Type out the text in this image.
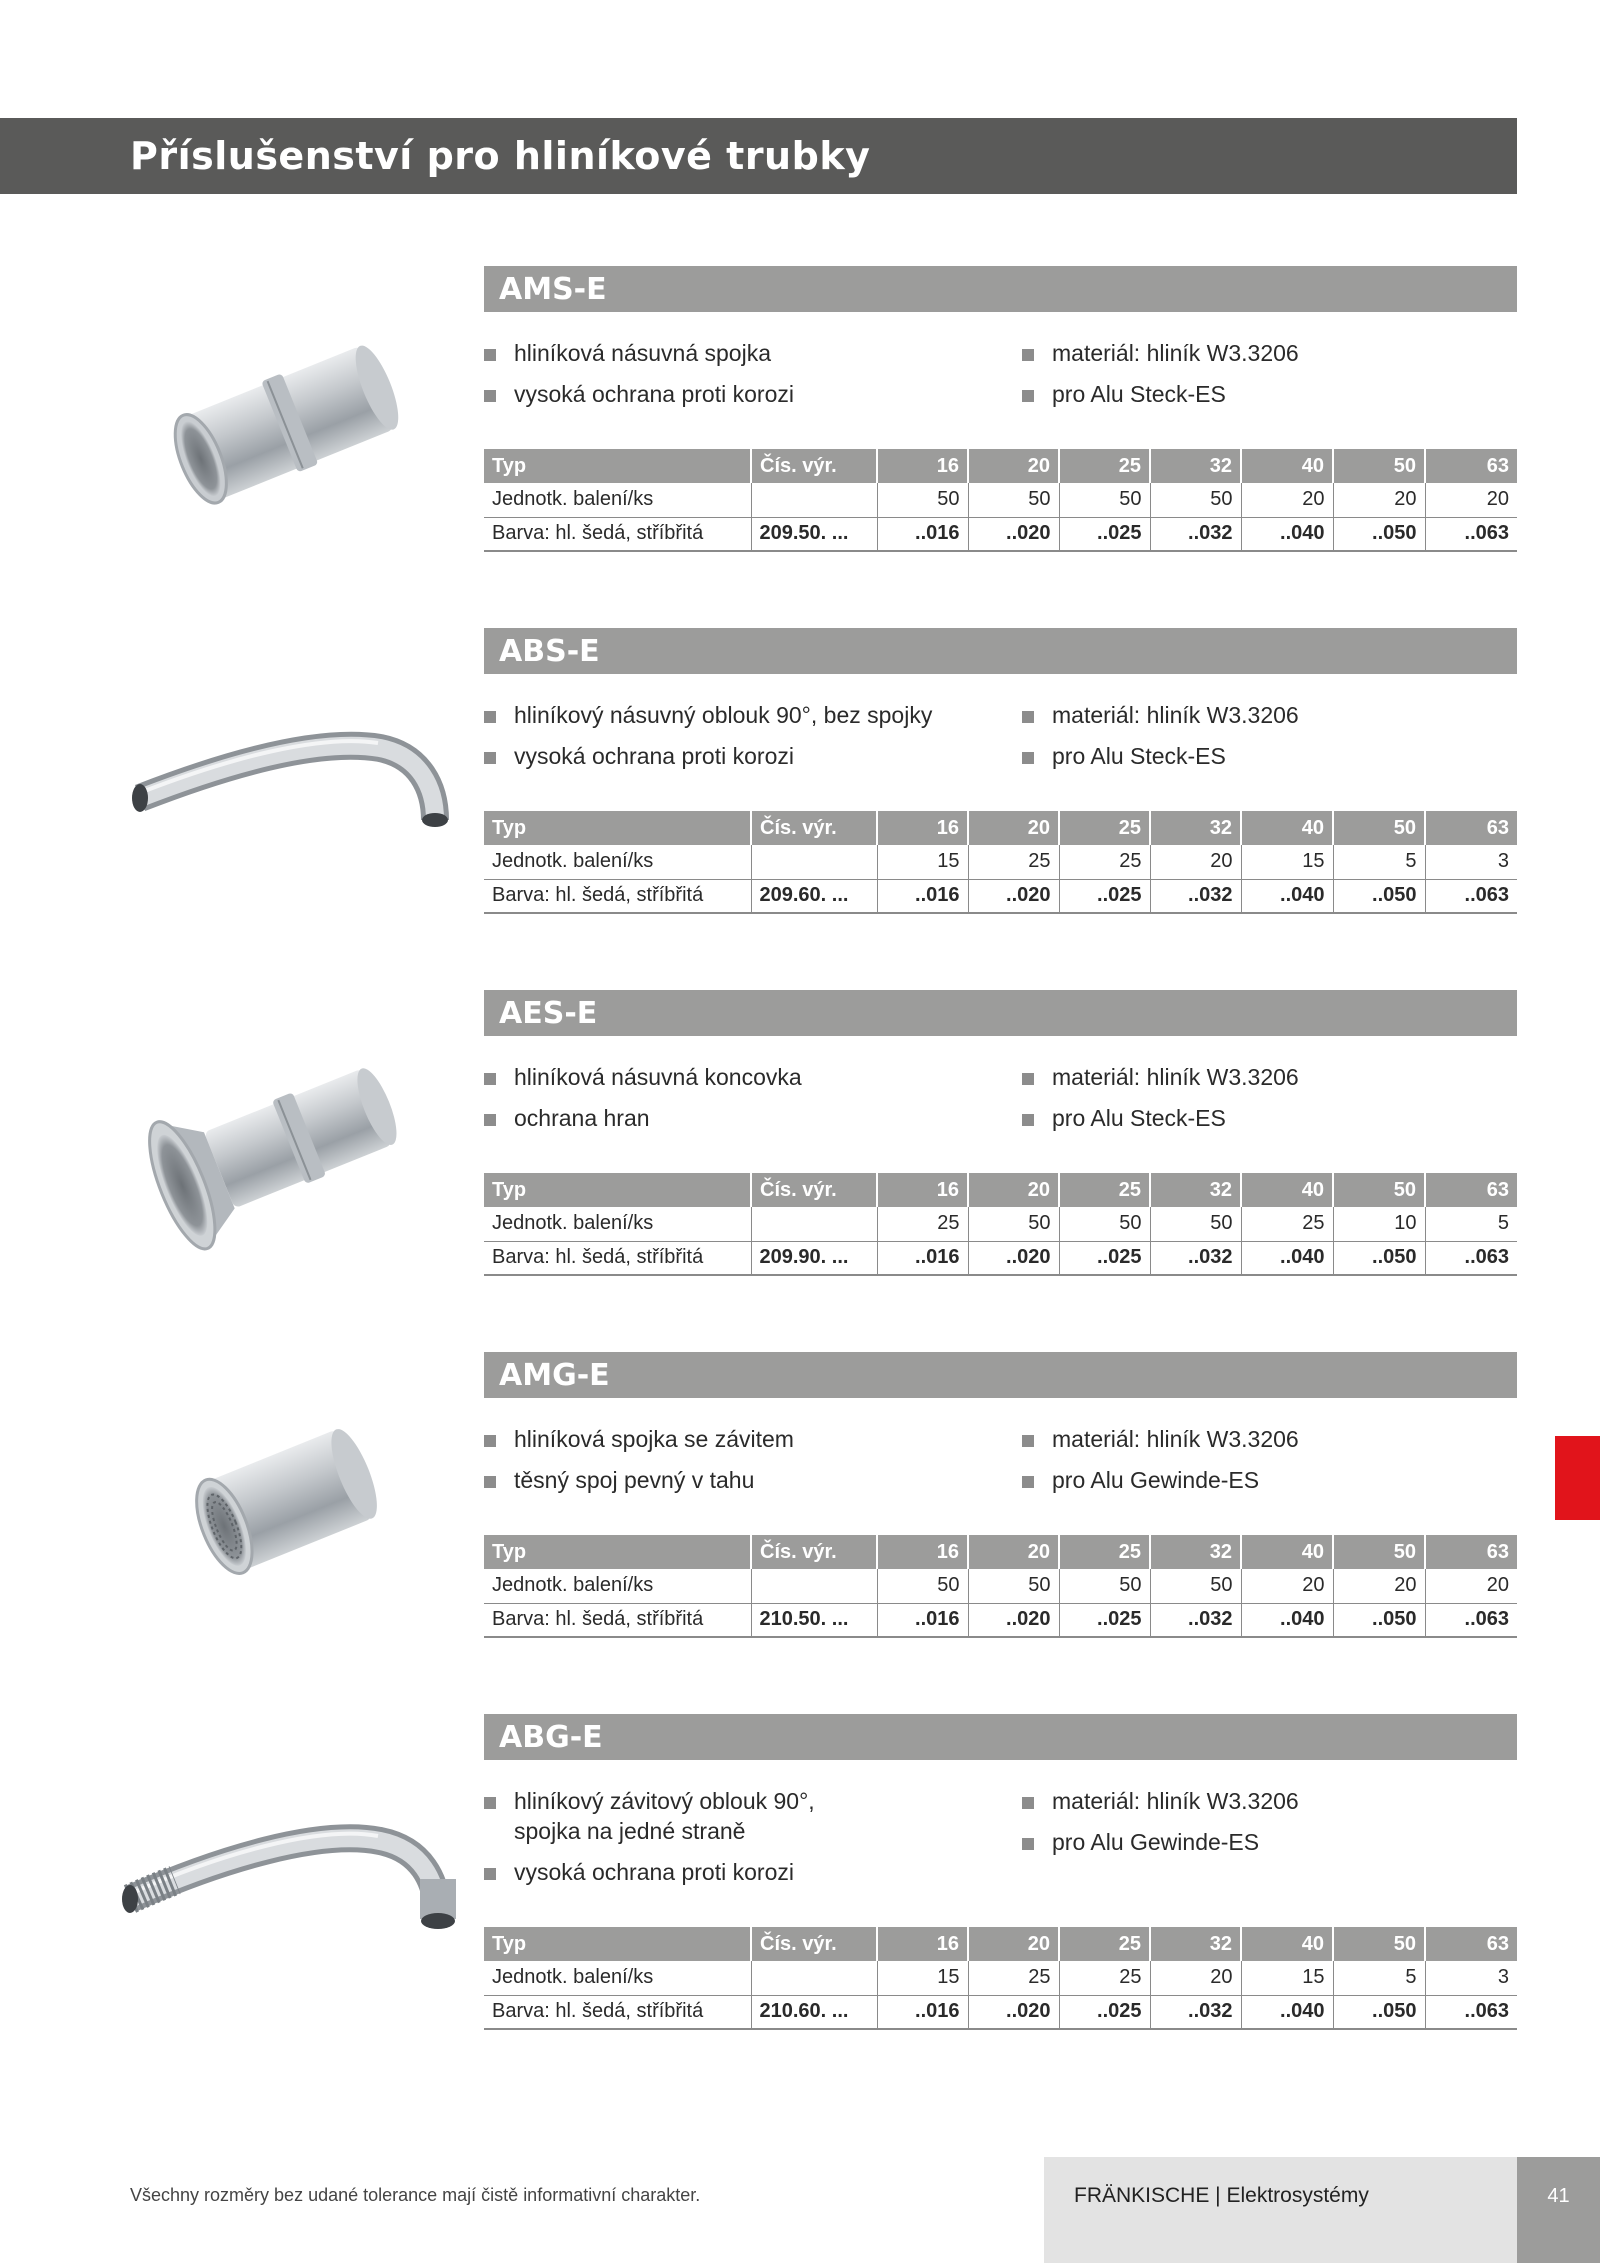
Příslušenství pro hliníkové trubky
AMS-E
hliníková násuvná spojka
vysoká ochrana proti korozi
materiál: hliník W3.3206
pro Alu Steck-ES
Typ	Čís. výr.	16	20	25	32	40	50	63
Jednotk. balení/ks		50	50	50	50	20	20	20
Barva: hl. šedá, stříbřitá	209.50. ...	..016	..020	..025	..032	..040	..050	..063
ABS-E
hliníkový násuvný oblouk 90°, bez spojky
vysoká ochrana proti korozi
materiál: hliník W3.3206
pro Alu Steck-ES
Typ	Čís. výr.	16	20	25	32	40	50	63
Jednotk. balení/ks		15	25	25	20	15	5	3
Barva: hl. šedá, stříbřitá	209.60. ...	..016	..020	..025	..032	..040	..050	..063
AES-E
hliníková násuvná koncovka
ochrana hran
materiál: hliník W3.3206
pro Alu Steck-ES
Typ	Čís. výr.	16	20	25	32	40	50	63
Jednotk. balení/ks		25	50	50	50	25	10	5
Barva: hl. šedá, stříbřitá	209.90. ...	..016	..020	..025	..032	..040	..050	..063
AMG-E
hliníková spojka se závitem
těsný spoj pevný v tahu
materiál: hliník W3.3206
pro Alu Gewinde-ES
Typ	Čís. výr.	16	20	25	32	40	50	63
Jednotk. balení/ks		50	50	50	50	20	20	20
Barva: hl. šedá, stříbřitá	210.50. ...	..016	..020	..025	..032	..040	..050	..063
ABG-E
hliníkový závitový oblouk 90°, spojka na jedné straně
vysoká ochrana proti korozi
materiál: hliník W3.3206
pro Alu Gewinde-ES
Typ	Čís. výr.	16	20	25	32	40	50	63
Jednotk. balení/ks		15	25	25	20	15	5	3
Barva: hl. šedá, stříbřitá	210.60. ...	..016	..020	..025	..032	..040	..050	..063
Všechny rozměry bez udané tolerance mají čistě informativní charakter.	FRÄNKISCHE | Elektrosystémy	41
